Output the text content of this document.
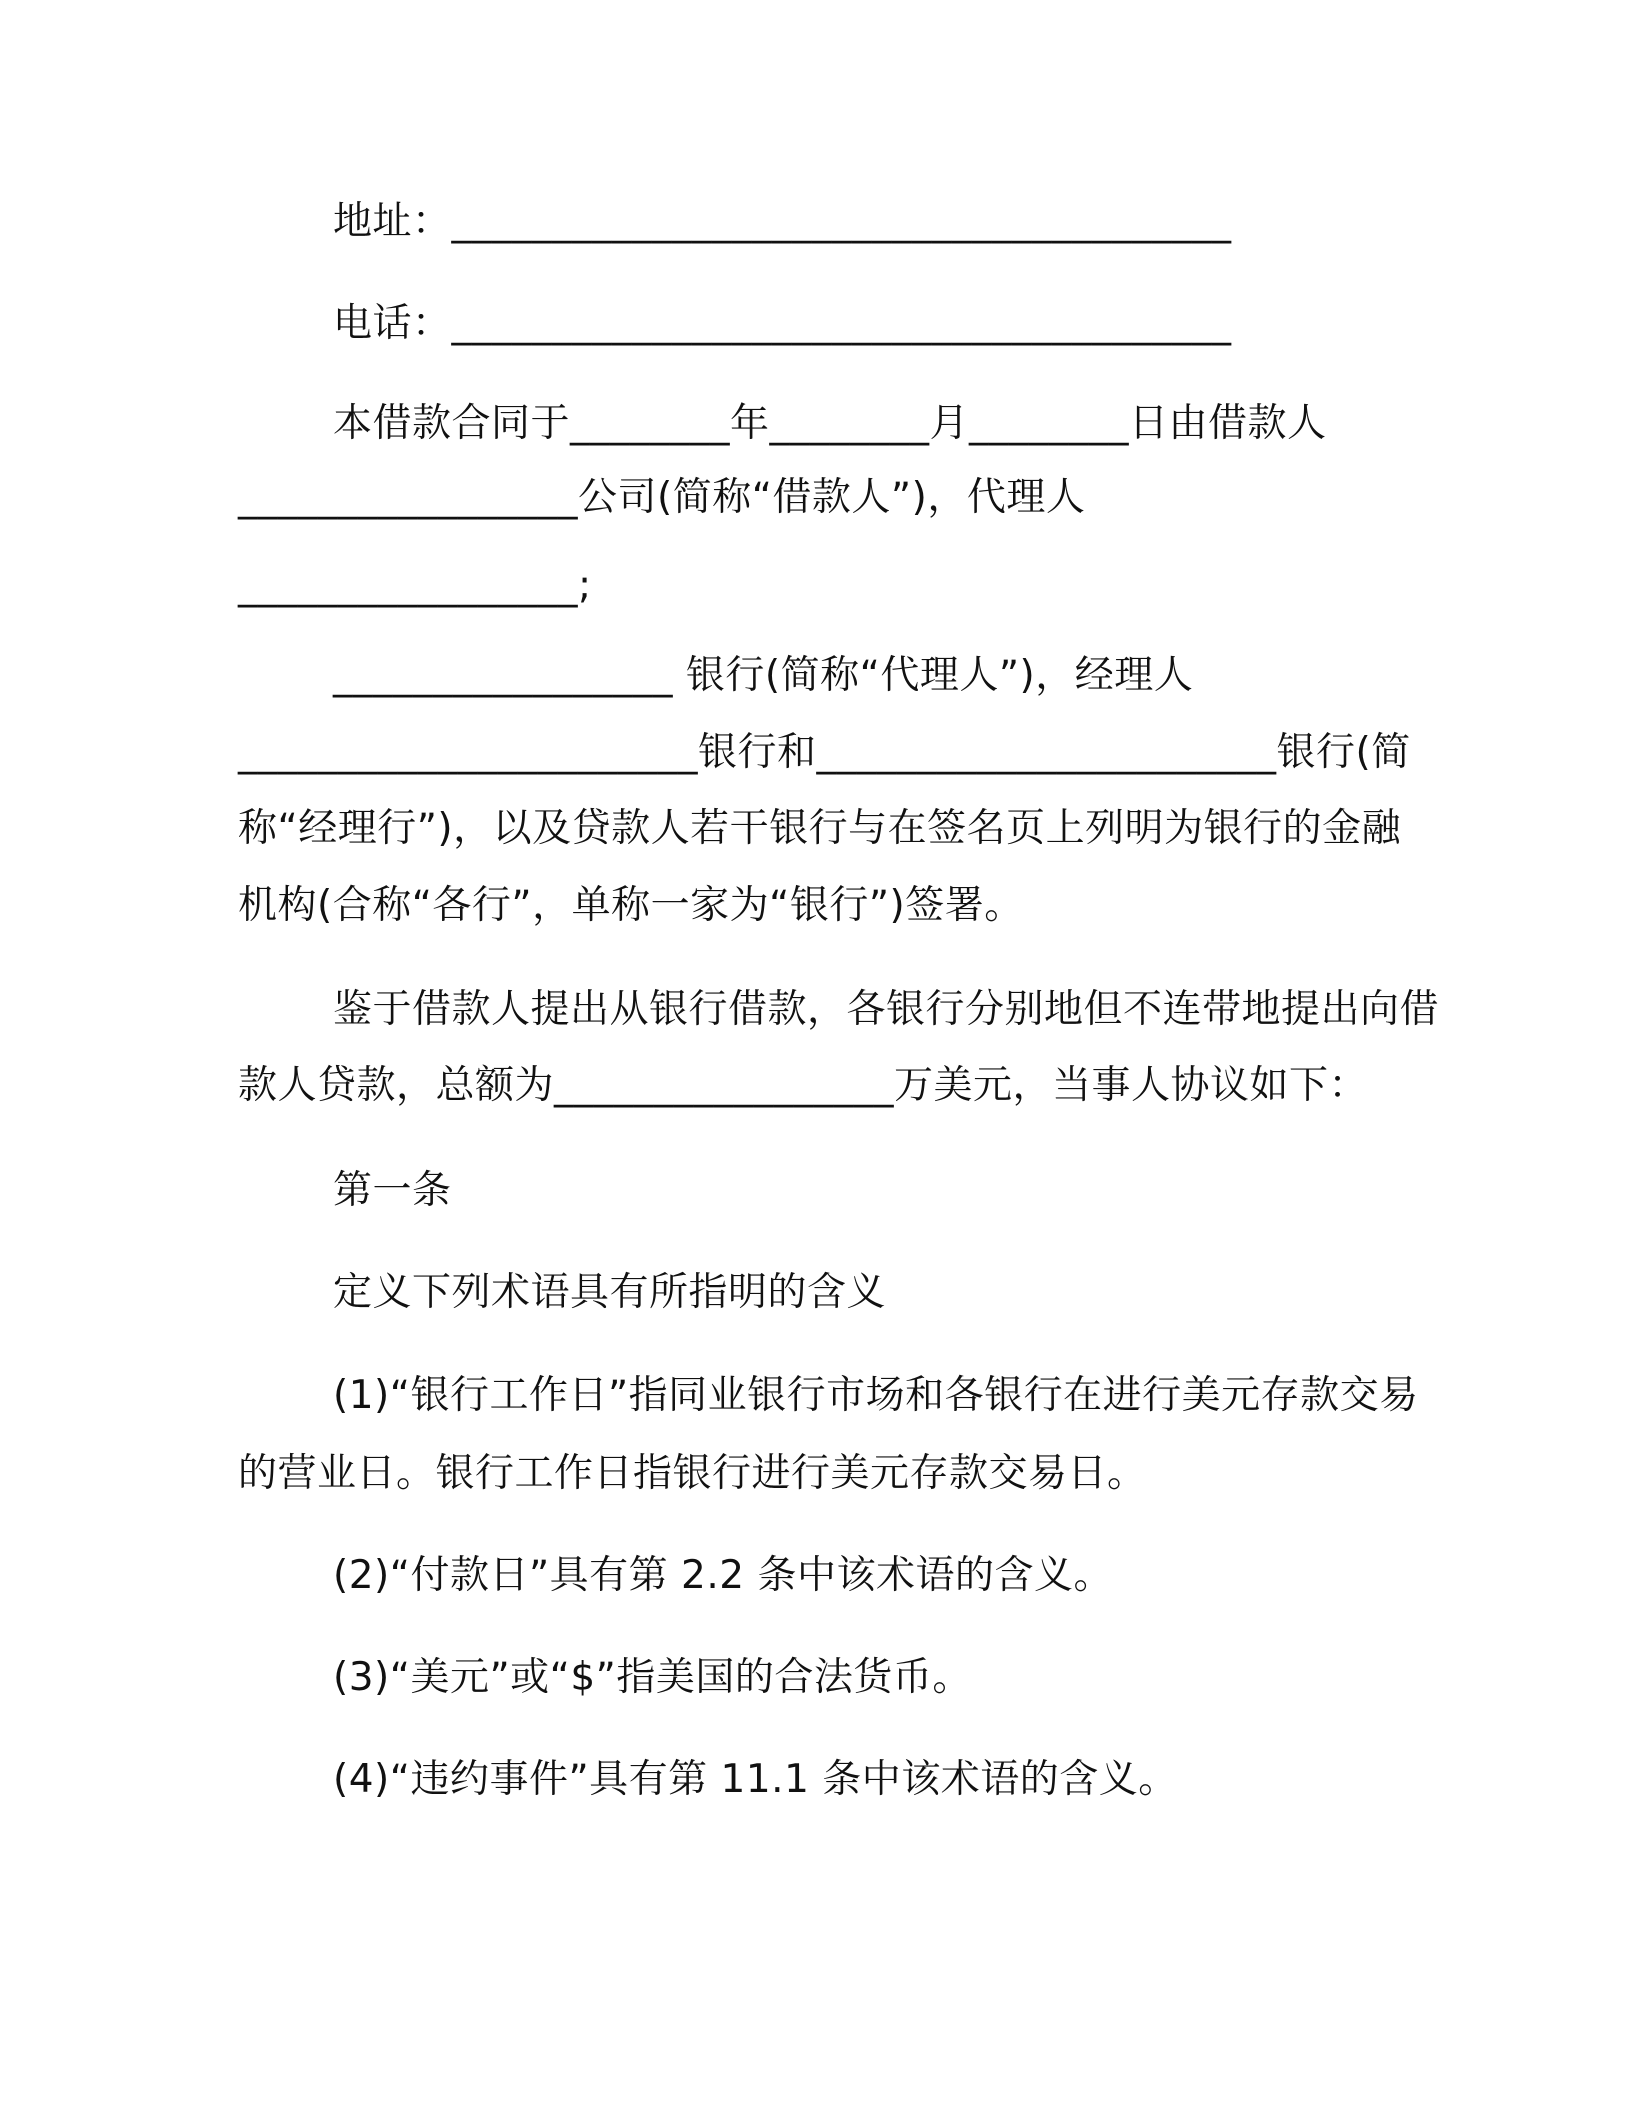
地址：_______________________________________
电话：_______________________________________
本借款合同于________年________月________日由借款人
_________________公司(简称“借款人”)，代理人
_________________;
_________________ 银行(简称“代理人”)，经理人
_______________________银行和_______________________银行(简
称“经理行”)，以及贷款人若干银行与在签名页上列明为银行的金融
机构(合称“各行”，单称一家为“银行”)签署。
鉴于借款人提出从银行借款，各银行分别地但不连带地提出向借
款人贷款，总额为_________________万美元，当事人协议如下：
第一条
定义下列术语具有所指明的含义
(1)“银行工作日”指同业银行市场和各银行在进行美元存款交易
的营业日。银行工作日指银行进行美元存款交易日。
(2)“付款日”具有第 2.2 条中该术语的含义。
(3)“美元”或“$”指美国的合法货币。
(4)“违约事件”具有第 11.1 条中该术语的含义。
